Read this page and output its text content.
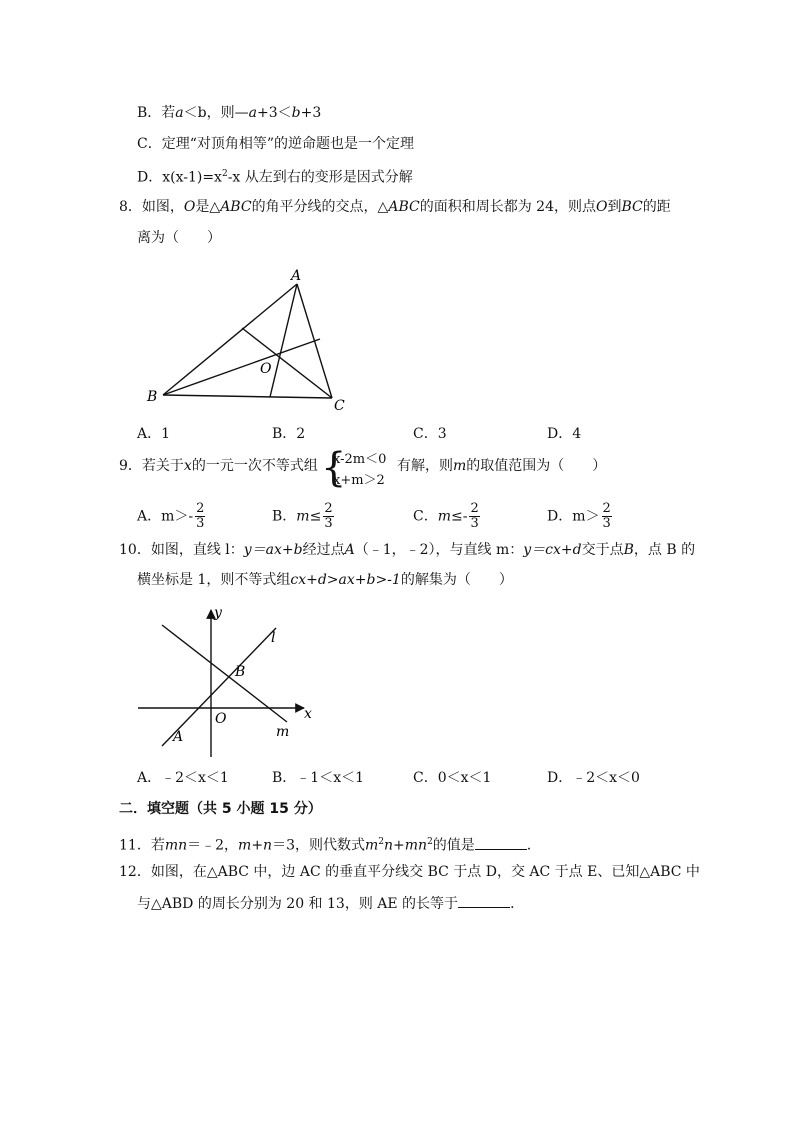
B．若a＜b，则—a+3＜b+3
C．定理“对顶角相等”的逆命题也是一个定理
D．$x(x-1)=x^2-x$ 从左到右的变形是因式分解
8．如图，O是△ABC的角平分线的交点，△ABC的面积和周长都为 24，则点O到BC的距
离为（　　）
A
B
C
O
A．1	B．2	C．3	D．4
9．若关于x的一元一次不等式组 {
x-2m＜0
x+m＞2
有解，则m的取值范围为（　　）
A．$m>- \frac{2}{3}$	B．$m\le \frac{2}{3}$	C．$m\le- \frac{2}{3}$	D．$m> \frac{2}{3}$
10．如图，直线 l：y＝ax+b经过点A（﹣1，﹣2），与直线 m：y＝cx+d交于点B，点 B 的
横坐标是 1，则不等式组cx+d>ax+b>-1的解集为（　　）
y
l
B
O	x
A	m
A．﹣2＜x＜1	B．﹣1＜x＜1	C．0＜x＜1	D．﹣2＜x＜0
二．填空题（共 5 小题 15 分）
11．若mn＝﹣2，m+n＝3，则代数式$m^2n+mn^2$的值是	.
12．如图，在△ABC 中，边 AC 的垂直平分线交 BC 于点 D，交 AC 于点 E、已知△ABC 中
与△ABD 的周长分别为 20 和 13，则 AE 的长等于	．
